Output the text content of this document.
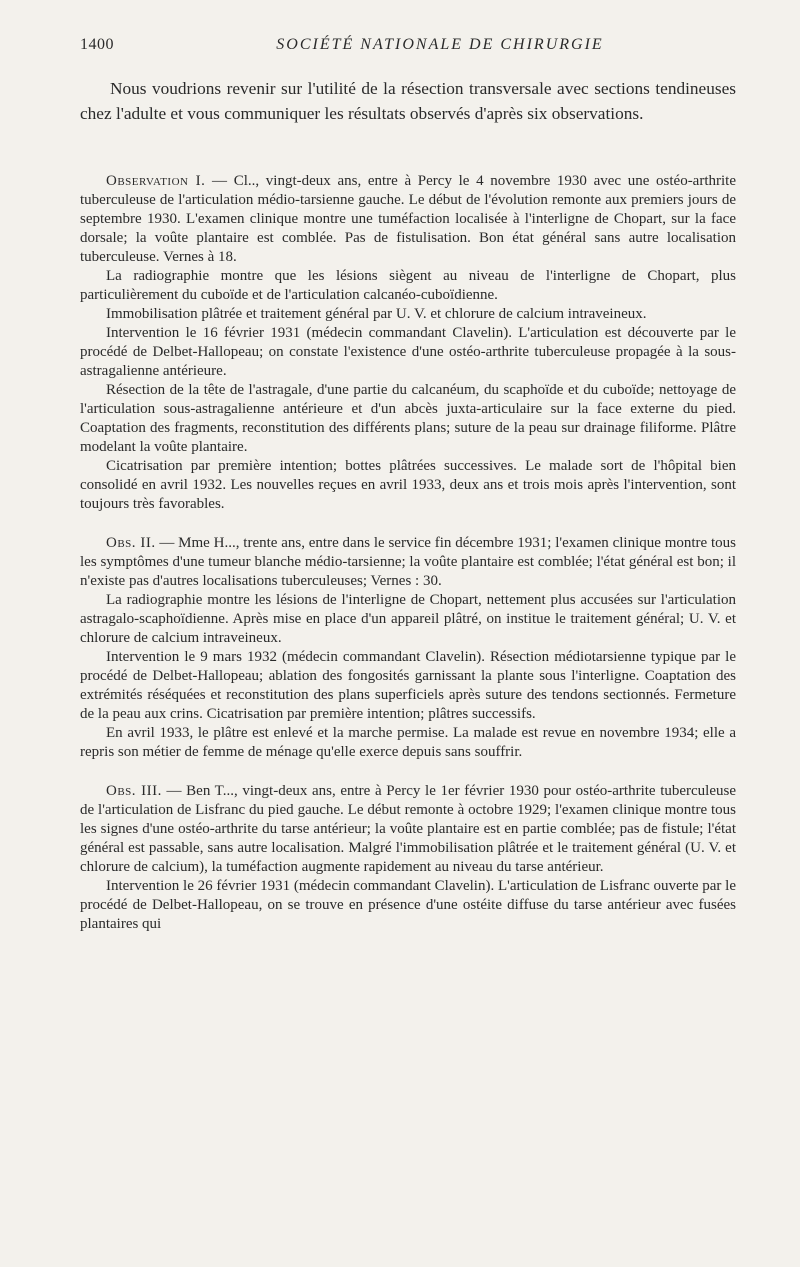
1400	SOCIÉTÉ NATIONALE DE CHIRURGIE

Nous voudrions revenir sur l'utilité de la résection transversale avec sections tendineuses chez l'adulte et vous communiquer les résultats observés d'après six observations.

Observation I. — Cl.., vingt-deux ans, entre à Percy le 4 novembre 1930 avec une ostéo-arthrite tuberculeuse de l'articulation médio-tarsienne gauche. Le début de l'évolution remonte aux premiers jours de septembre 1930. L'examen clinique montre une tuméfaction localisée à l'interligne de Chopart, sur la face dorsale; la voûte plantaire est comblée. Pas de fistulisation. Bon état général sans autre localisation tuberculeuse. Vernes à 18.

La radiographie montre que les lésions siègent au niveau de l'interligne de Chopart, plus particulièrement du cuboïde et de l'articulation calcanéo-cuboïdienne.

Immobilisation plâtrée et traitement général par U. V. et chlorure de calcium intraveineux.

Intervention le 16 février 1931 (médecin commandant Clavelin). L'articulation est découverte par le procédé de Delbet-Hallopeau; on constate l'existence d'une ostéo-arthrite tuberculeuse propagée à la sous-astragalienne antérieure.

Résection de la tête de l'astragale, d'une partie du calcanéum, du scaphoïde et du cuboïde; nettoyage de l'articulation sous-astragalienne antérieure et d'un abcès juxta-articulaire sur la face externe du pied. Coaptation des fragments, reconstitution des différents plans; suture de la peau sur drainage filiforme. Plâtre modelant la voûte plantaire.

Cicatrisation par première intention; bottes plâtrées successives. Le malade sort de l'hôpital bien consolidé en avril 1932. Les nouvelles reçues en avril 1933, deux ans et trois mois après l'intervention, sont toujours très favorables.

Obs. II. — Mme H..., trente ans, entre dans le service fin décembre 1931; l'examen clinique montre tous les symptômes d'une tumeur blanche médio-tarsienne; la voûte plantaire est comblée; l'état général est bon; il n'existe pas d'autres localisations tuberculeuses; Vernes : 30.

La radiographie montre les lésions de l'interligne de Chopart, nettement plus accusées sur l'articulation astragalo-scaphoïdienne. Après mise en place d'un appareil plâtré, on institue le traitement général; U. V. et chlorure de calcium intraveineux.

Intervention le 9 mars 1932 (médecin commandant Clavelin). Résection médiotarsienne typique par le procédé de Delbet-Hallopeau; ablation des fongosités garnissant la plante sous l'interligne. Coaptation des extrémités réséquées et reconstitution des plans superficiels après suture des tendons sectionnés. Fermeture de la peau aux crins. Cicatrisation par première intention; plâtres successifs.

En avril 1933, le plâtre est enlevé et la marche permise. La malade est revue en novembre 1934; elle a repris son métier de femme de ménage qu'elle exerce depuis sans souffrir.

Obs. III. — Ben T..., vingt-deux ans, entre à Percy le 1er février 1930 pour ostéo-arthrite tuberculeuse de l'articulation de Lisfranc du pied gauche. Le début remonte à octobre 1929; l'examen clinique montre tous les signes d'une ostéo-arthrite du tarse antérieur; la voûte plantaire est en partie comblée; pas de fistule; l'état général est passable, sans autre localisation. Malgré l'immobilisation plâtrée et le traitement général (U. V. et chlorure de calcium), la tuméfaction augmente rapidement au niveau du tarse antérieur.

Intervention le 26 février 1931 (médecin commandant Clavelin). L'articulation de Lisfranc ouverte par le procédé de Delbet-Hallopeau, on se trouve en présence d'une ostéite diffuse du tarse antérieur avec fusées plantaires qui
